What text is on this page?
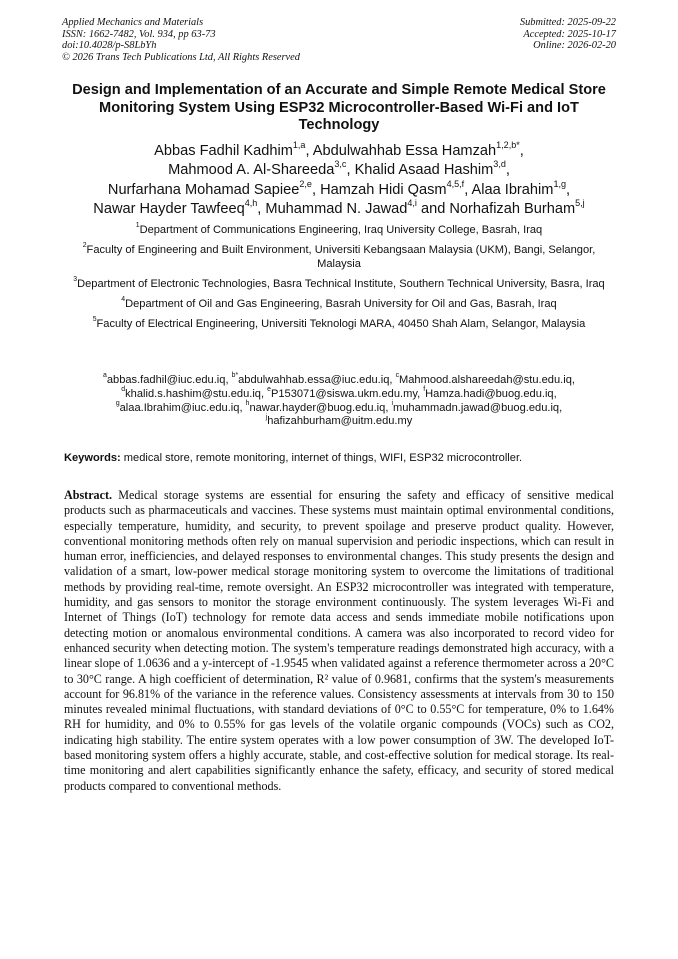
Applied Mechanics and Materials
ISSN: 1662-7482, Vol. 934, pp 63-73
doi:10.4028/p-S8LbYh
© 2026 Trans Tech Publications Ltd, All Rights Reserved
Submitted: 2025-09-22
Accepted: 2025-10-17
Online: 2026-02-20
Design and Implementation of an Accurate and Simple Remote Medical Store Monitoring System Using ESP32 Microcontroller-Based Wi-Fi and IoT Technology
Abbas Fadhil Kadhim$^{1,a}$, Abdulwahhab Essa Hamzah$^{1,2,b*}$,
Mahmood A. Al-Shareeda$^{3,c}$, Khalid Asaad Hashim$^{3,d}$,
Nurfarhana Mohamad Sapiee$^{2,e}$, Hamzah Hidi Qasm$^{4,5,f}$, Alaa Ibrahim$^{1,g}$,
Nawar Hayder Tawfeeq$^{4,h}$, Muhammad N. Jawad$^{4,i}$ and Norhafizah Burham$^{5,j}$
$^1$Department of Communications Engineering, Iraq University College, Basrah, Iraq
$^2$Faculty of Engineering and Built Environment, Universiti Kebangsaan Malaysia (UKM), Bangi, Selangor, Malaysia
$^3$Department of Electronic Technologies, Basra Technical Institute, Southern Technical University, Basra, Iraq
$^4$Department of Oil and Gas Engineering, Basrah University for Oil and Gas, Basrah, Iraq
$^5$Faculty of Electrical Engineering, Universiti Teknologi MARA, 40450 Shah Alam, Selangor, Malaysia
$^a$abbas.fadhil@iuc.edu.iq, $^{b*}$abdulwahhab.essa@iuc.edu.iq, $^c$Mahmood.alshareedah@stu.edu.iq,
$^d$khalid.s.hashim@stu.edu.iq, $^e$P153071@siswa.ukm.edu.my, $^f$Hamza.hadi@buog.edu.iq,
$^g$alaa.Ibrahim@iuc.edu.iq, $^h$nawar.hayder@buog.edu.iq, $^i$muhammadn.jawad@buog.edu.iq,
$^j$hafizahburham@uitm.edu.my
Keywords: medical store, remote monitoring, internet of things, WIFI, ESP32 microcontroller.
Abstract. Medical storage systems are essential for ensuring the safety and efficacy of sensitive medical products such as pharmaceuticals and vaccines. These systems must maintain optimal environmental conditions, especially temperature, humidity, and security, to prevent spoilage and preserve product quality. However, conventional monitoring methods often rely on manual supervision and periodic inspections, which can result in human error, inefficiencies, and delayed responses to environmental changes. This study presents the design and validation of a smart, low-power medical storage monitoring system to overcome the limitations of traditional methods by providing real-time, remote oversight. An ESP32 microcontroller was integrated with temperature, humidity, and gas sensors to monitor the storage environment continuously. The system leverages Wi-Fi and Internet of Things (IoT) technology for remote data access and sends immediate mobile notifications upon detecting motion or anomalous environmental conditions. A camera was also incorporated to record video for enhanced security when detecting motion. The system's temperature readings demonstrated high accuracy, with a linear slope of 1.0636 and a y-intercept of -1.9545 when validated against a reference thermometer across a 20°C to 30°C range. A high coefficient of determination, R² value of 0.9681, confirms that the system's measurements account for 96.81% of the variance in the reference values. Consistency assessments at intervals from 30 to 150 minutes revealed minimal fluctuations, with standard deviations of 0°C to 0.55°C for temperature, 0% to 1.64% RH for humidity, and 0% to 0.55% for gas levels of the volatile organic compounds (VOCs) such as CO2, indicating high stability. The entire system operates with a low power consumption of 3W. The developed IoT-based monitoring system offers a highly accurate, stable, and cost-effective solution for medical storage. Its real-time monitoring and alert capabilities significantly enhance the safety, efficacy, and security of stored medical products compared to conventional methods.
